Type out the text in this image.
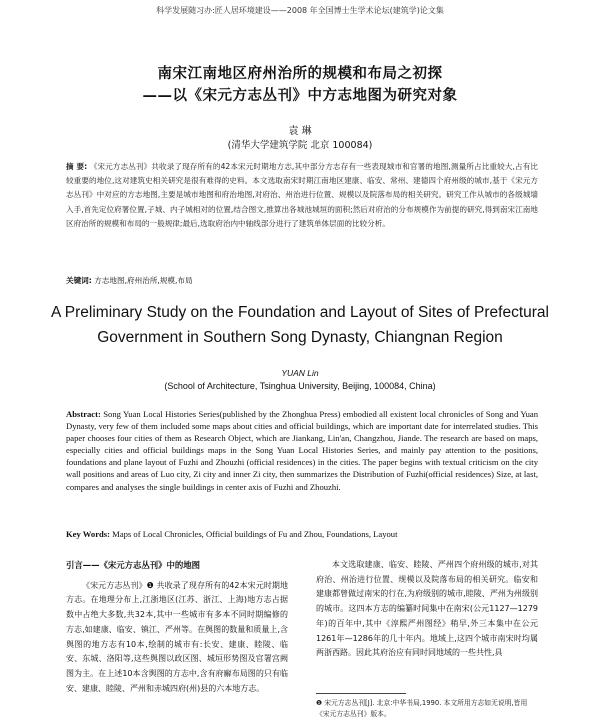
科学发展随习办:匠人居环境建设——2008 年全国博士生学术论坛(建筑学)论文集
南宋江南地区府州治所的规模和布局之初探
——以《宋元方志丛刊》中方志地图为研究对象
袁 琳
(清华大学建筑学院 北京 100084)
摘 要: 《宋元方志丛刊》共收录了现存所有的42本宋元时期地方志,其中部分方志存有一些表现城市和官署的地图,测量所占比重较大,占有比较重要的地位,这对建筑史相关研究是很有难得的史料。本文选取南宋时期江南地区建康、临安、常州、建德四个府州级的城市,基于《宋元方志丛刊》中对应的方志地图,主要是城市地图和府治地图,对府治、州治进行位置、规模以及院落布局的相关研究。研究工作从城市的各级城墙入手,首先定位府署位置,子城、内子城相对的位置,结合图文,推算出各城池城垣的面积;然后对府治的分布规模作为前提的研究,得到南宋江南地区府治所的规模和布局的一般规律;最后,选取府治内中轴线部分进行了建筑单体层面的比较分析。
关键词: 方志地图,府州治所,规模,布局
A Preliminary Study on the Foundation and Layout of Sites of Prefectural
Government in Southern Song Dynasty, Chiangnan Region
YUAN Lin
(School of Architecture, Tsinghua University, Beijing, 100084, China)
Abstract: Song Yuan Local Histories Series(published by the Zhonghua Press) embodied all existent local chronicles of Song and Yuan Dynasty, very few of them included some maps about cities and official buildings, which are important date for interrelated studies. This paper chooses four cities of them as Research Object, which are Jiankang, Lin'an, Changzhou, Jiande. The research are based on maps, especially cities and official buildings maps in the Song Yuan Local Histories Series, and mainly pay attention to the positions, foundations and plane layout of Fuzhi and Zhouzhi (official residences) in the cities. The paper begins with textual criticism on the city wall positions and areas of Luo city, Zi city and inner Zi city, then summarizes the Distribution of Fuzhi(official residences) Size, at last, compares and analyses the single buildings in center axis of Fuzhi and Zhouzhi.
Key Words: Maps of Local Chronicles, Official buildings of Fu and Zhou, Foundations, Layout
引言——《宋元方志丛刊》中的地图

《宋元方志丛刊》❶ 共收录了现存所有的42本宋元时期地方志。在地理分布上,江浙地区(江苏、浙江、上海)地方志占据数中占绝大多数,共32本,其中一些城市有多本不同时期编修的方志,如建康、临安、镇江、严州等。在舆图的数量和质量上,含舆图的地方志有10本,绘制的城市有:长安、建康、睦陵、临安、东城、洛阳等,这些舆图以政区图、城垣形势图及官署宫阙图为主。在上述10本含舆图的方志中,含有府廨布局图的只有临安、建康、睦陵、严州和赤城四府(州)县的六本地方志。

本文选取建康、临安、睦陵、严州四个府州级的城市,对其府治、州治进行位置、规模以及院落布局的相关研究。临安和建康都曾做过南宋的行在,为府级别的城市,睦陵、严州为州级别的城市。这四本方志的编纂时间集中在南宋(公元1127—1279年)的百年中,其中《淳熙严州图经》稍早,外三本集中在公元1261年—1286年的几十年内。地域上,这四个城市南宋时均属两浙西路。因此其府治应有同时同地域的一些共性,具

❶ 宋元方志丛刊[J]. 北京:中华书局,1990. 本文所用方志如无说明,皆用《宋元方志丛刊》版本。
